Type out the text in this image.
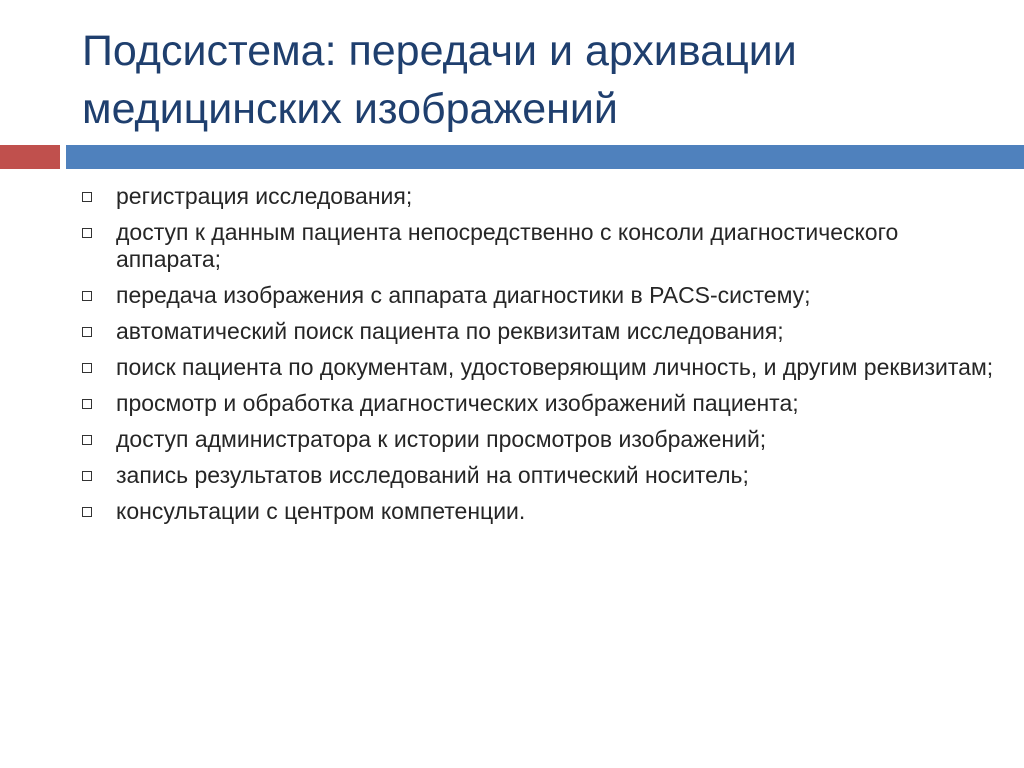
Подсистема: передачи и архивации
медицинских изображений
регистрация исследования;
доступ к данным пациента непосредственно с консоли диагностического аппарата;
передача изображения с аппарата диагностики в PACS-систему;
автоматический поиск пациента по реквизитам исследования;
поиск пациента по документам, удостоверяющим личность, и другим реквизитам;
просмотр и обработка диагностических изображений пациента;
доступ администратора к истории просмотров изображений;
запись результатов исследований на оптический носитель;
консультации с центром компетенции.
